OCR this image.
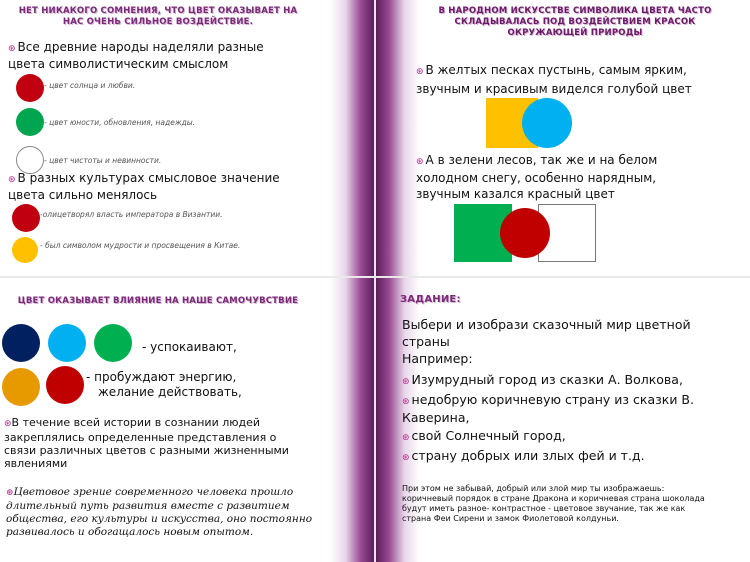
НЕТ НИКАКОГО СОМНЕНИЯ, ЧТО ЦВЕТ ОКАЗЫВАЕТ НА НАС ОЧЕНЬ СИЛЬНОЕ ВОЗДЕЙСТВИЕ.
⊛ Все древние народы наделяли разные цвета символистическим смыслом
- цвет солнца и любви.
- цвет юности, обновления, надежды.
- цвет чистоты и невинности.
⊛ В разных культурах смысловое значение цвета сильно менялось
-олицетворял власть императора в Византии.
- был символом мудрости и просвещения в Китае.
В НАРОДНОМ ИСКУССТВЕ СИМВОЛИКА ЦВЕТА ЧАСТО СКЛАДЫВАЛАСЬ ПОД ВОЗДЕЙСТВИЕМ КРАСОК ОКРУЖАЮЩЕЙ ПРИРОДЫ
⊛ В желтых песках пустынь, самым ярким, звучным и красивым виделся голубой цвет
⊛ А в зелени лесов, так же и на белом холодном снегу, особенно нарядным, звучным казался красный цвет
ЦВЕТ ОКАЗЫВАЕТ ВЛИЯНИЕ НА НАШЕ САМОЧУВСТВИЕ
- успокаивают,
- пробуждают энергию,
желание действовать,
⊛В течение всей истории в сознании людей закреплялись определенные представления о связи различных цветов с разными жизненными явлениями
⊛Цветовое зрение современного человека прошло длительный путь развития вместе с развитием общества, его культуры и искусства, оно постоянно развивалось и обогащалось новым опытом.
ЗАДАНИЕ:
Выбери и изобрази сказочный мир цветной страны
Например:
⊛ Изумрудный город из сказки А. Волкова,
⊛ недобрую коричневую страну из сказки В. Каверина,
⊛ свой Солнечный город,
⊛ страну добрых или злых фей и т.д.
При этом не забывай, добрый или злой мир ты изображаешь: коричневый порядок в стране Дракона и коричневая страна шоколада будут иметь разное- контрастное - цветовое звучание, так же как страна Феи Сирени и замок Фиолетовой колдуньи.
